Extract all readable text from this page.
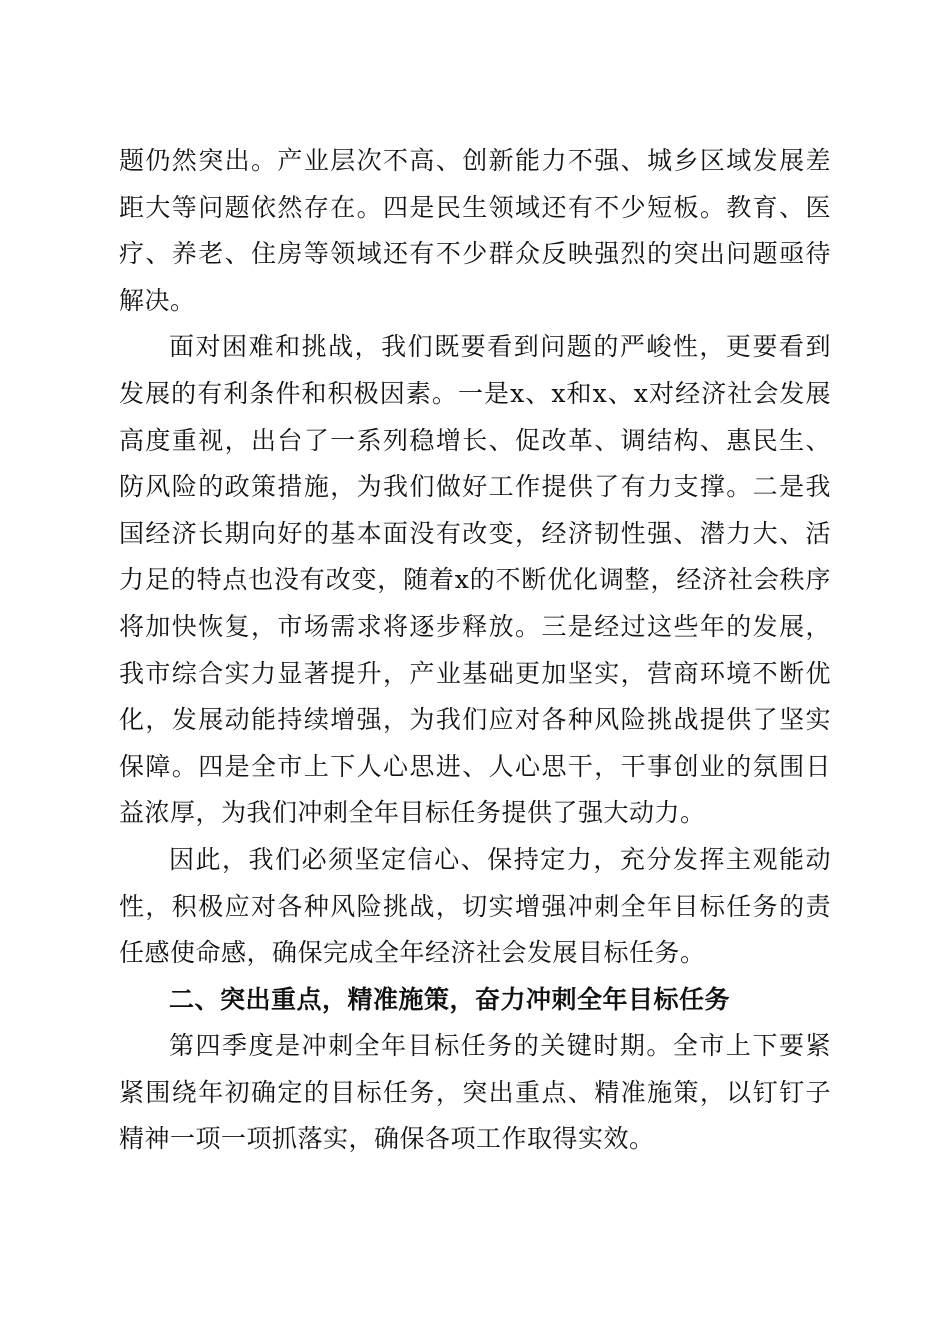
题仍然突出。产业层次不高、创新能力不强、城乡区域发展差距大等问题依然存在。四是民生领域还有不少短板。教育、医疗、养老、住房等领域还有不少群众反映强烈的突出问题亟待解决。

面对困难和挑战，我们既要看到问题的严峻性，更要看到发展的有利条件和积极因素。一是x、x和x、x对经济社会发展高度重视，出台了一系列稳增长、促改革、调结构、惠民生、防风险的政策措施，为我们做好工作提供了有力支撑。二是我国经济长期向好的基本面没有改变，经济韧性强、潜力大、活力足的特点也没有改变，随着x的不断优化调整，经济社会秩序将加快恢复，市场需求将逐步释放。三是经过这些年的发展，我市综合实力显著提升，产业基础更加坚实，营商环境不断优化，发展动能持续增强，为我们应对各种风险挑战提供了坚实保障。四是全市上下人心思进、人心思干，干事创业的氛围日益浓厚，为我们冲刺全年目标任务提供了强大动力。

因此，我们必须坚定信心、保持定力，充分发挥主观能动性，积极应对各种风险挑战，切实增强冲刺全年目标任务的责任感使命感，确保完成全年经济社会发展目标任务。

二、突出重点，精准施策，奋力冲刺全年目标任务

第四季度是冲刺全年目标任务的关键时期。全市上下要紧紧围绕年初确定的目标任务，突出重点、精准施策，以钉钉子精神一项一项抓落实，确保各项工作取得实效。
